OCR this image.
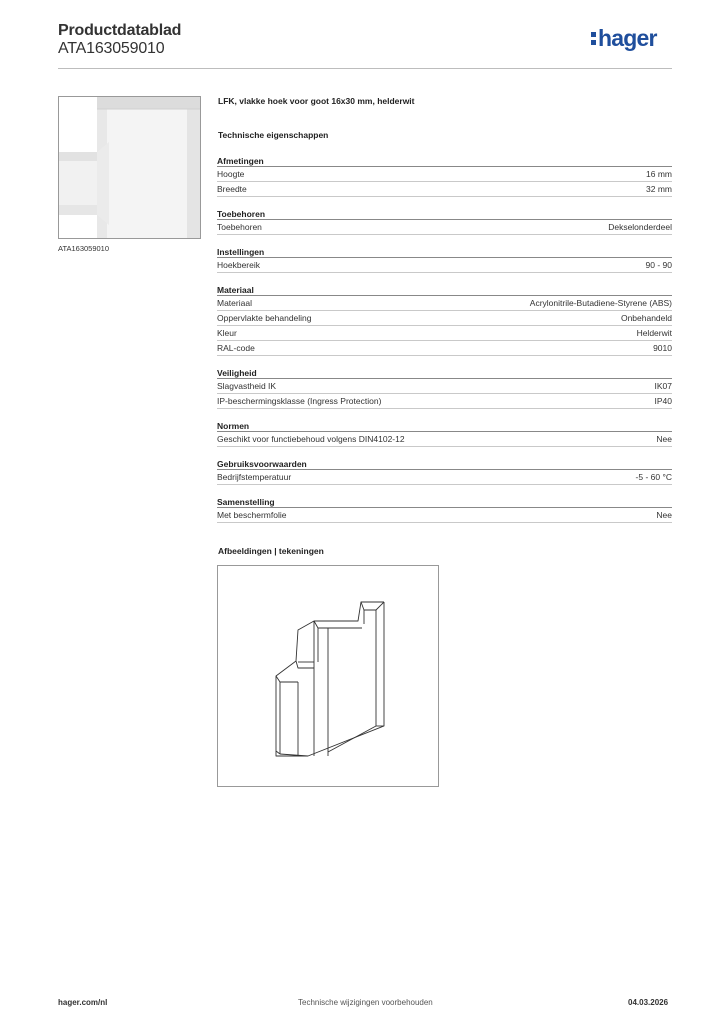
Productdatablad
ATA163059010	hager
ATA163059010
LFK, vlakke hoek voor goot 16x30 mm, helderwit
Technische eigenschappen
Afmetingen
Hoogte	16 mm
Breedte	32 mm
Toebehoren
Toebehoren	Dekselonderdeel
Instellingen
Hoekbereik	90 - 90
Materiaal
Materiaal	Acrylonitrile-Butadiene-Styrene (ABS)
Oppervlakte behandeling	Onbehandeld
Kleur	Helderwit
RAL-code	9010
Veiligheid
Slagvastheid IK	IK07
IP-beschermingsklasse (Ingress Protection)	IP40
Normen
Geschikt voor functiebehoud volgens DIN4102-12	Nee
Gebruiksvoorwaarden
Bedrijfstemperatuur	-5 - 60 °C
Samenstelling
Met beschermfolie	Nee
Afbeeldingen | tekeningen
hager.com/nl	Technische wijzigingen voorbehouden	04.03.2026
